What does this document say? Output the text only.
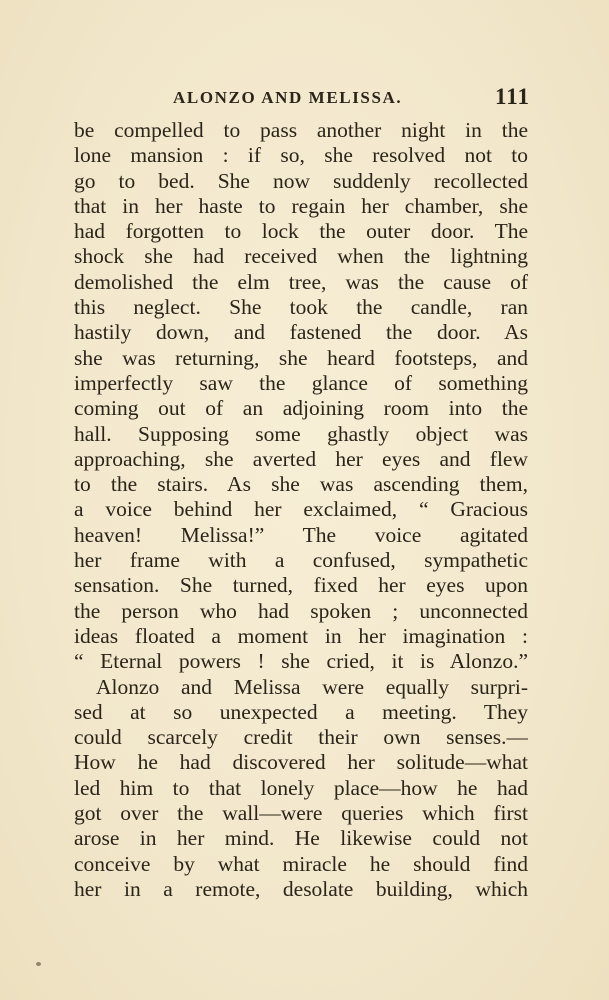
ALONZO AND MELISSA.	111
be compelled to pass another night in the
lone mansion : if so, she resolved not to
go to bed. She now suddenly recollected
that in her haste to regain her chamber, she
had forgotten to lock the outer door. The
shock she had received when the lightning
demolished the elm tree, was the cause of
this neglect. She took the candle, ran
hastily down, and fastened the door. As
she was returning, she heard footsteps, and
imperfectly saw the glance of something
coming out of an adjoining room into the
hall. Supposing some ghastly object was
approaching, she averted her eyes and flew
to the stairs. As she was ascending them,
a voice behind her exclaimed, “ Gracious
heaven! Melissa!” The voice agitated
her frame with a confused, sympathetic
sensation. She turned, fixed her eyes upon
the person who had spoken ; unconnected
ideas floated a moment in her imagination :
“ Eternal powers ! she cried, it is Alonzo.”
Alonzo and Melissa were equally surpri-
sed at so unexpected a meeting. They
could scarcely credit their own senses.—
How he had discovered her solitude—what
led him to that lonely place—how he had
got over the wall—were queries which first
arose in her mind. He likewise could not
conceive by what miracle he should find
her in a remote, desolate building, which
